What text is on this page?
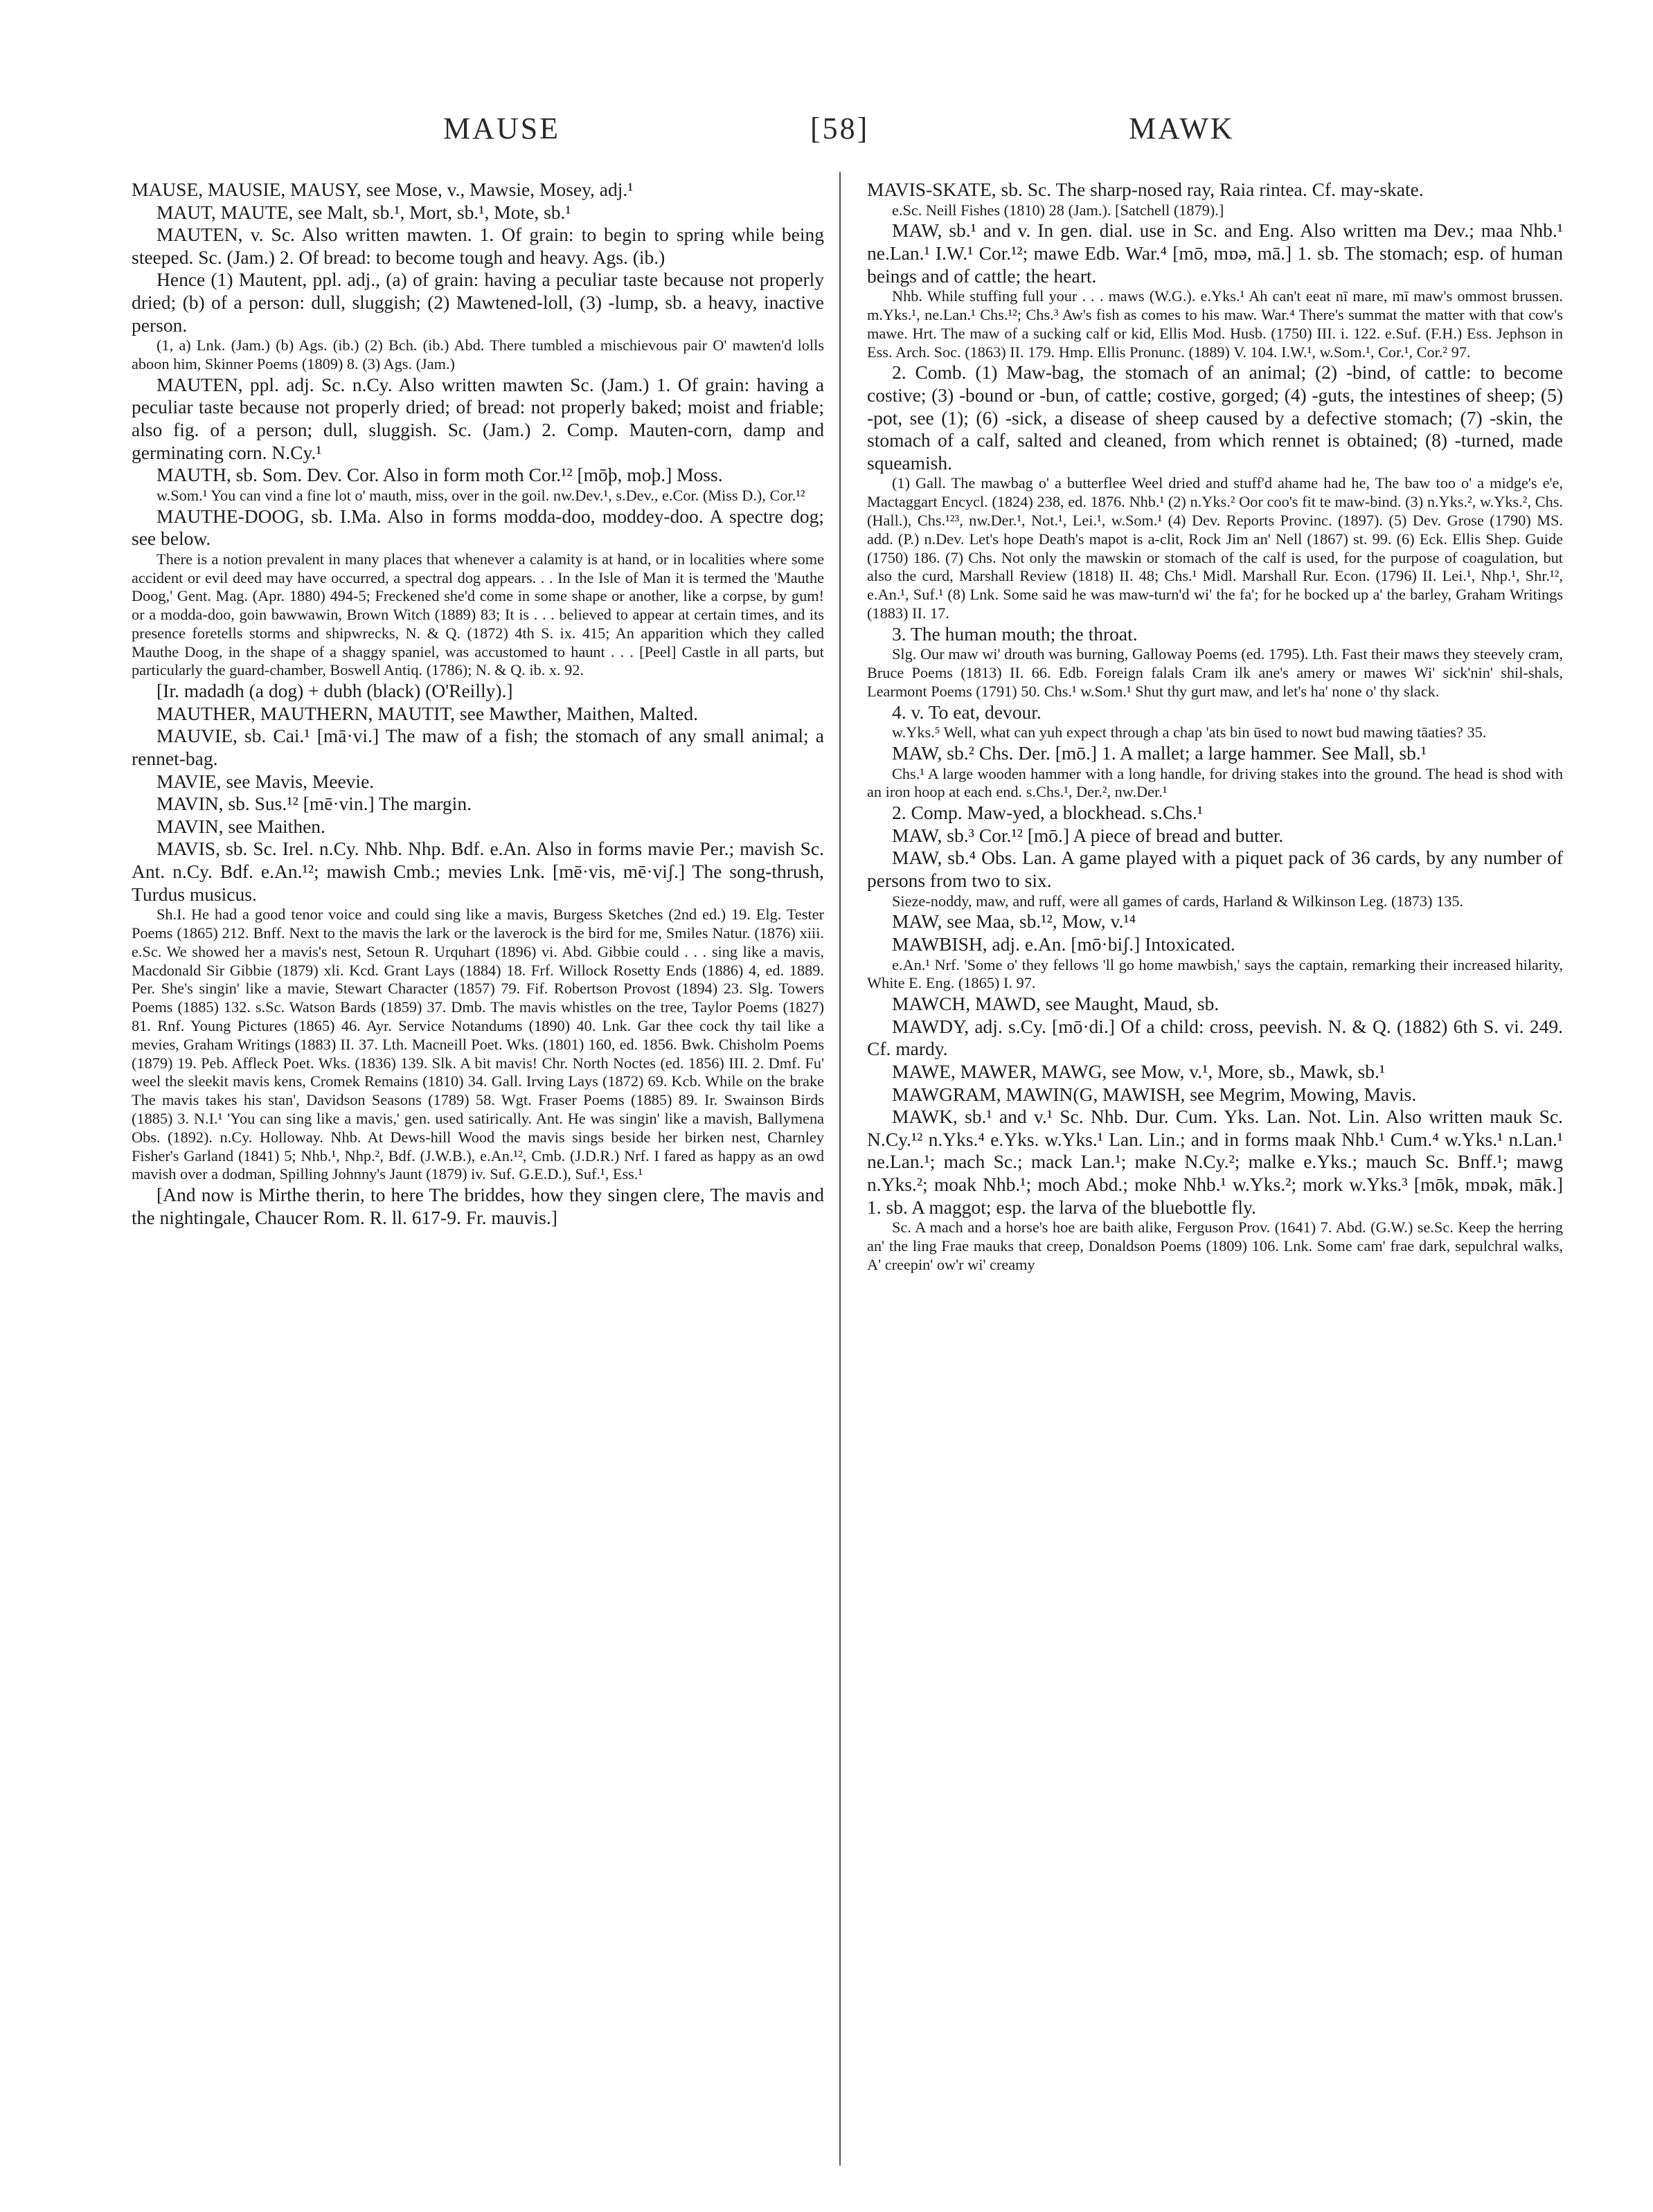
MAUSE	[58]	MAWK

MAUSE, MAUSIE, MAUSY, see Mose, v., Mawsie, Mosey, adj.¹

MAUT, MAUTE, see Malt, sb.¹, Mort, sb.¹, Mote, sb.¹

MAUTEN, v. Sc. Also written mawten. 1. Of grain: to begin to spring while being steeped. Sc. (Jam.) 2. Of bread: to become tough and heavy. Ags. (ib.)

Hence (1) Mautent, ppl. adj., (a) of grain: having a peculiar taste because not properly dried; (b) of a person: dull, sluggish; (2) Mawtened-loll, (3) -lump, sb. a heavy, inactive person.

(1, a) Lnk. (Jam.) (b) Ags. (ib.) (2) Bch. (ib.) Abd. There tumbled a mischievous pair O' mawten'd lolls aboon him, Skinner Poems (1809) 8. (3) Ags. (Jam.)

MAUTEN, ppl. adj. Sc. n.Cy. Also written mawten Sc. (Jam.) 1. Of grain: having a peculiar taste because not properly dried; of bread: not properly baked; moist and friable; also fig. of a person; dull, sluggish. Sc. (Jam.) 2. Comp. Mauten-corn, damp and germinating corn. N.Cy.¹

MAUTH, sb. Som. Dev. Cor. Also in form moth Cor.¹² [mōþ, moþ.] Moss.

w.Som.¹ You can vind a fine lot o' mauth, miss, over in the goil. nw.Dev.¹, s.Dev., e.Cor. (Miss D.), Cor.¹²

MAUTHE-DOOG, sb. I.Ma. Also in forms modda-doo, moddey-doo. A spectre dog; see below.

There is a notion prevalent in many places that whenever a calamity is at hand, or in localities where some accident or evil deed may have occurred, a spectral dog appears. . . In the Isle of Man it is termed the 'Mauthe Doog,' Gent. Mag. (Apr. 1880) 494-5; Freckened she'd come in some shape or another, like a corpse, by gum! or a modda-doo, goin bawwawin, Brown Witch (1889) 83; It is . . . believed to appear at certain times, and its presence foretells storms and shipwrecks, N. & Q. (1872) 4th S. ix. 415; An apparition which they called Mauthe Doog, in the shape of a shaggy spaniel, was accustomed to haunt . . . [Peel] Castle in all parts, but particularly the guard-chamber, Boswell Antiq. (1786); N. & Q. ib. x. 92.

[Ir. madadh (a dog) + dubh (black) (O'Reilly).]

MAUTHER, MAUTHERN, MAUTIT, see Mawther, Maithen, Malted.

MAUVIE, sb. Cai.¹ [mā·vi.] The maw of a fish; the stomach of any small animal; a rennet-bag.

MAVIE, see Mavis, Meevie.

MAVIN, sb. Sus.¹² [mē·vin.] The margin.

MAVIN, see Maithen.

MAVIS, sb. Sc. Irel. n.Cy. Nhb. Nhp. Bdf. e.An. Also in forms mavie Per.; mavish Sc. Ant. n.Cy. Bdf. e.An.¹²; mawish Cmb.; mevies Lnk. [mē·vis, mē·viʃ.] The song-thrush, Turdus musicus.

Sh.I. He had a good tenor voice and could sing like a mavis, Burgess Sketches (2nd ed.) 19. Elg. Tester Poems (1865) 212. Bnff. Next to the mavis the lark or the laverock is the bird for me, Smiles Natur. (1876) xiii. e.Sc. We showed her a mavis's nest, Setoun R. Urquhart (1896) vi. Abd. Gibbie could . . . sing like a mavis, Macdonald Sir Gibbie (1879) xli. Kcd. Grant Lays (1884) 18. Frf. Willock Rosetty Ends (1886) 4, ed. 1889. Per. She's singin' like a mavie, Stewart Character (1857) 79. Fif. Robertson Provost (1894) 23. Slg. Towers Poems (1885) 132. s.Sc. Watson Bards (1859) 37. Dmb. The mavis whistles on the tree, Taylor Poems (1827) 81. Rnf. Young Pictures (1865) 46. Ayr. Service Notandums (1890) 40. Lnk. Gar thee cock thy tail like a mevies, Graham Writings (1883) II. 37. Lth. Macneill Poet. Wks. (1801) 160, ed. 1856. Bwk. Chisholm Poems (1879) 19. Peb. Affleck Poet. Wks. (1836) 139. Slk. A bit mavis! Chr. North Noctes (ed. 1856) III. 2. Dmf. Fu' weel the sleekit mavis kens, Cromek Remains (1810) 34. Gall. Irving Lays (1872) 69. Kcb. While on the brake The mavis takes his stan', Davidson Seasons (1789) 58. Wgt. Fraser Poems (1885) 89. Ir. Swainson Birds (1885) 3. N.I.¹ 'You can sing like a mavis,' gen. used satirically. Ant. He was singin' like a mavish, Ballymena Obs. (1892). n.Cy. Holloway. Nhb. At Dews-hill Wood the mavis sings beside her birken nest, Charnley Fisher's Garland (1841) 5; Nhb.¹, Nhp.², Bdf. (J.W.B.), e.An.¹², Cmb. (J.D.R.) Nrf. I fared as happy as an owd mavish over a dodman, Spilling Johnny's Jaunt (1879) iv. Suf. G.E.D.), Suf.¹, Ess.¹

[And now is Mirthe therin, to here The briddes, how they singen clere, The mavis and the nightingale, Chaucer Rom. R. ll. 617-9. Fr. mauvis.]

MAVIS-SKATE, sb. Sc. The sharp-nosed ray, Raia rintea. Cf. may-skate.

e.Sc. Neill Fishes (1810) 28 (Jam.). [Satchell (1879).]

MAW, sb.¹ and v. In gen. dial. use in Sc. and Eng. Also written ma Dev.; maa Nhb.¹ ne.Lan.¹ I.W.¹ Cor.¹²; mawe Edb. War.⁴ [mō, mɒə, mā.] 1. sb. The stomach; esp. of human beings and of cattle; the heart.

Nhb. While stuffing full your . . . maws (W.G.). e.Yks.¹ Ah can't eeat nī mare, mī maw's ommost brussen. m.Yks.¹, ne.Lan.¹ Chs.¹²; Chs.³ Aw's fish as comes to his maw. War.⁴ There's summat the matter with that cow's mawe. Hrt. The maw of a sucking calf or kid, Ellis Mod. Husb. (1750) III. i. 122. e.Suf. (F.H.) Ess. Jephson in Ess. Arch. Soc. (1863) II. 179. Hmp. Ellis Pronunc. (1889) V. 104. I.W.¹, w.Som.¹, Cor.¹, Cor.² 97.

2. Comb. (1) Maw-bag, the stomach of an animal; (2) -bind, of cattle: to become costive; (3) -bound or -bun, of cattle; costive, gorged; (4) -guts, the intestines of sheep; (5) -pot, see (1); (6) -sick, a disease of sheep caused by a defective stomach; (7) -skin, the stomach of a calf, salted and cleaned, from which rennet is obtained; (8) -turned, made squeamish.

(1) Gall. The mawbag o' a butterflee Weel dried and stuff'd ahame had he, The baw too o' a midge's e'e, Mactaggart Encycl. (1824) 238, ed. 1876. Nhb.¹ (2) n.Yks.² Oor coo's fit te maw-bind. (3) n.Yks.², w.Yks.², Chs. (Hall.), Chs.¹²³, nw.Der.¹, Not.¹, Lei.¹, w.Som.¹ (4) Dev. Reports Provinc. (1897). (5) Dev. Grose (1790) MS. add. (P.) n.Dev. Let's hope Death's mapot is a-clit, Rock Jim an' Nell (1867) st. 99. (6) Eck. Ellis Shep. Guide (1750) 186. (7) Chs. Not only the mawskin or stomach of the calf is used, for the purpose of coagulation, but also the curd, Marshall Review (1818) II. 48; Chs.¹ Midl. Marshall Rur. Econ. (1796) II. Lei.¹, Nhp.¹, Shr.¹², e.An.¹, Suf.¹ (8) Lnk. Some said he was maw-turn'd wi' the fa'; for he bocked up a' the barley, Graham Writings (1883) II. 17.

3. The human mouth; the throat.

Slg. Our maw wi' drouth was burning, Galloway Poems (ed. 1795). Lth. Fast their maws they steevely cram, Bruce Poems (1813) II. 66. Edb. Foreign falals Cram ilk ane's amery or mawes Wi' sick'nin' shil-shals, Learmont Poems (1791) 50. Chs.¹ w.Som.¹ Shut thy gurt maw, and let's ha' none o' thy slack.

4. v. To eat, devour.

w.Yks.⁵ Well, what can yuh expect through a chap 'ats bin ūsed to nowt bud mawing tāaties? 35.

MAW, sb.² Chs. Der. [mō.] 1. A mallet; a large hammer. See Mall, sb.¹

Chs.¹ A large wooden hammer with a long handle, for driving stakes into the ground. The head is shod with an iron hoop at each end. s.Chs.¹, Der.², nw.Der.¹

2. Comp. Maw-yed, a blockhead. s.Chs.¹

MAW, sb.³ Cor.¹² [mō.] A piece of bread and butter.

MAW, sb.⁴ Obs. Lan. A game played with a piquet pack of 36 cards, by any number of persons from two to six.

Sieze-noddy, maw, and ruff, were all games of cards, Harland & Wilkinson Leg. (1873) 135.

MAW, see Maa, sb.¹², Mow, v.¹⁴

MAWBISH, adj. e.An. [mō·biʃ.] Intoxicated.

e.An.¹ Nrf. 'Some o' they fellows 'll go home mawbish,' says the captain, remarking their increased hilarity, White E. Eng. (1865) I. 97.

MAWCH, MAWD, see Maught, Maud, sb.

MAWDY, adj. s.Cy. [mō·di.] Of a child: cross, peevish. N. & Q. (1882) 6th S. vi. 249. Cf. mardy.

MAWE, MAWER, MAWG, see Mow, v.¹, More, sb., Mawk, sb.¹

MAWGRAM, MAWIN(G, MAWISH, see Megrim, Mowing, Mavis.

MAWK, sb.¹ and v.¹ Sc. Nhb. Dur. Cum. Yks. Lan. Not. Lin. Also written mauk Sc. N.Cy.¹² n.Yks.⁴ e.Yks. w.Yks.¹ Lan. Lin.; and in forms maak Nhb.¹ Cum.⁴ w.Yks.¹ n.Lan.¹ ne.Lan.¹; mach Sc.; mack Lan.¹; make N.Cy.²; malke e.Yks.; mauch Sc. Bnff.¹; mawg n.Yks.²; moak Nhb.¹; moch Abd.; moke Nhb.¹ w.Yks.²; mork w.Yks.³ [mōk, mɒək, māk.] 1. sb. A maggot; esp. the larva of the bluebottle fly.

Sc. A mach and a horse's hoe are baith alike, Ferguson Prov. (1641) 7. Abd. (G.W.) se.Sc. Keep the herring an' the ling Frae mauks that creep, Donaldson Poems (1809) 106. Lnk. Some cam' frae dark, sepulchral walks, A' creepin' ow'r wi' creamy
